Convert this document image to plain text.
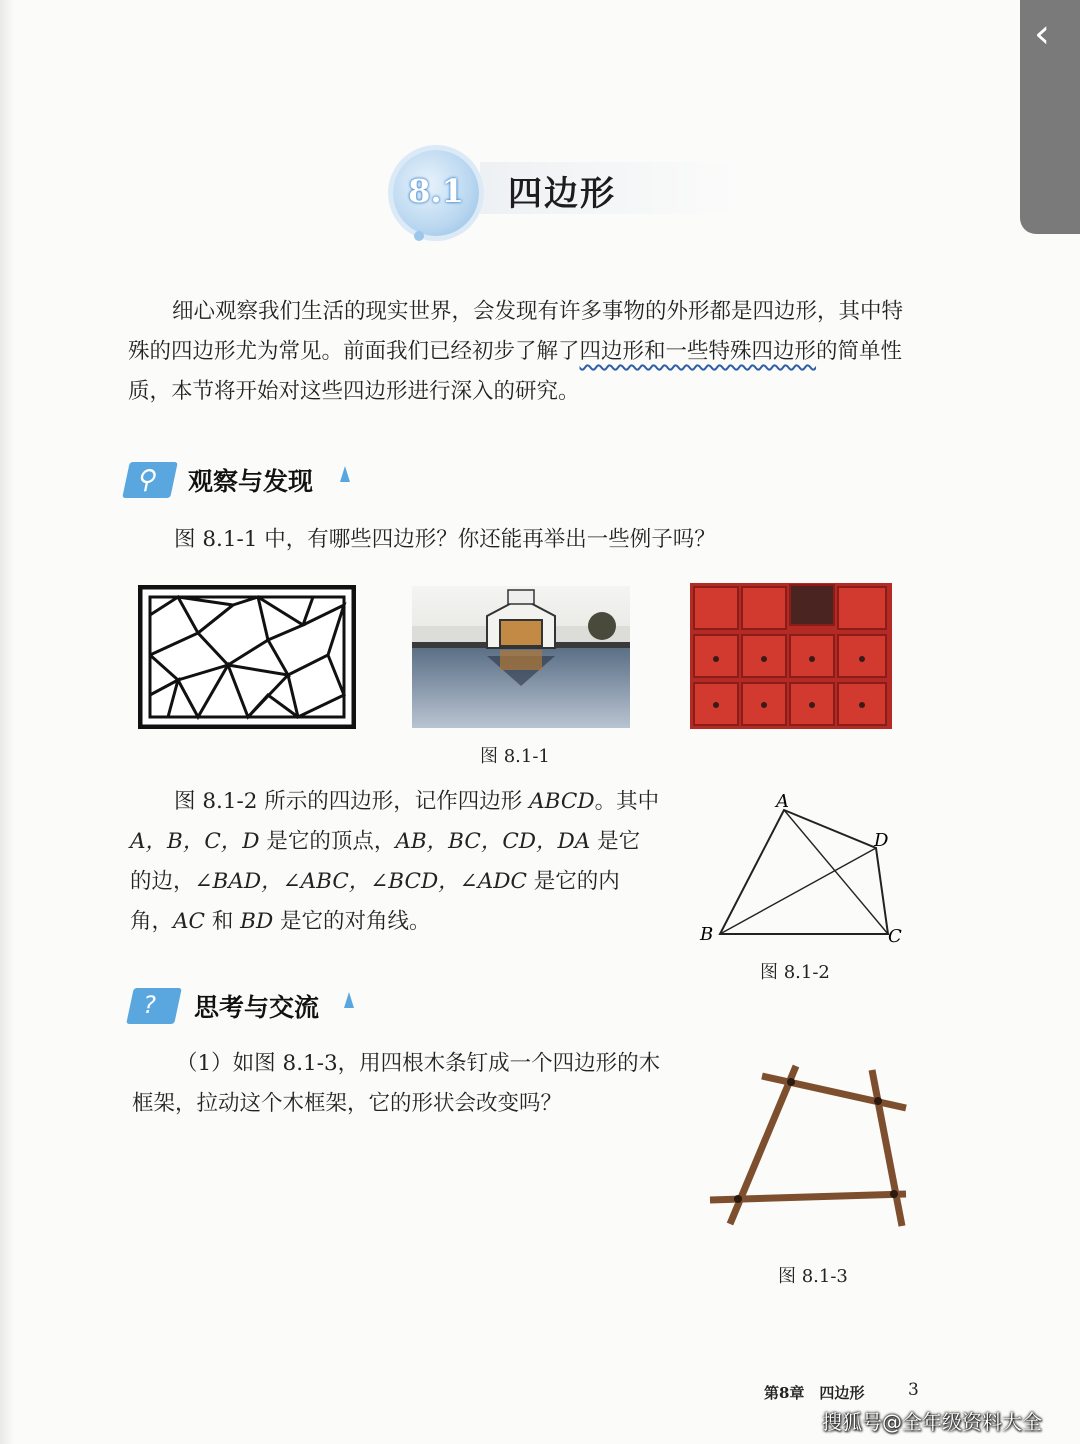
‹
8.1	四边形

细心观察我们生活的现实世界，会发现有许多事物的外形都是四边形，其中特殊的四边形尤为常见。前面我们已经初步了解了四边形和一些特殊四边形的简单性质，本节将开始对这些四边形进行深入的研究。

⚲ 观察与发现

图 8.1-1 中，有哪些四边形？你还能再举出一些例子吗？

图 8.1-1

图 8.1-2 所示的四边形，记作四边形 ABCD。其中A，B，C，D 是它的顶点，AB，BC，CD，DA 是它的边，∠BAD，∠ABC，∠BCD，∠ADC 是它的内角，AC 和 BD 是它的对角线。

A
D
B	C
图 8.1-2
? 思考与交流

（1）如图 8.1-3，用四根木条钉成一个四边形的木框架，拉动这个木框架，它的形状会改变吗？

图 8.1-3
第8章　四边形	3
搜狐号@全年级资料大全
